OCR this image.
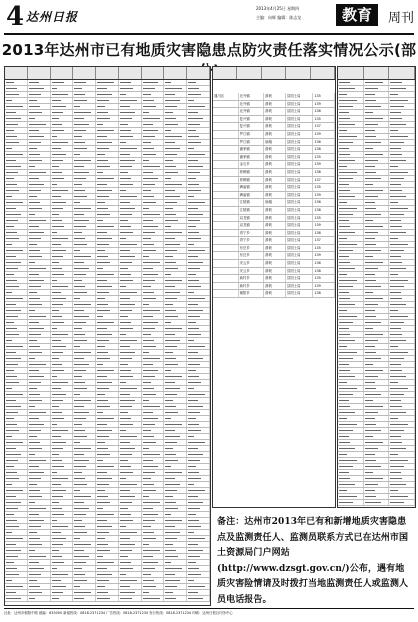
4 达州日报
2013年4月25日 星期四
主编：向辉 编辑：陈志龙	教育	周刊
2013年达州市已有地质灾害隐患点防灾责任落实情况公示(部
通川区	北外镇	滑坡	县国土局	135
北外镇	滑坡	县国土局	139
北外镇	滑坡	县国土局	138
复兴镇	滑坡	县国土局	135
复兴镇	滑坡	县国土局	137
罗江镇	滑坡	县国土局	139
罗江镇	崩塌	县国土局	136
蒲家镇	滑坡	县国土局	138
蒲家镇	滑坡	县国土局	135
金石乡	滑坡	县国土局	139
梓桐镇	滑坡	县国土局	138
梓桐镇	滑坡	县国土局	137
碑庙镇	滑坡	县国土局	135
碑庙镇	滑坡	县国土局	139
江陵镇	崩塌	县国土局	136
江陵镇	滑坡	县国土局	138
双龙镇	滑坡	县国土局	135
双龙镇	滑坡	县国土局	139
青宁乡	滑坡	县国土局	138
青宁乡	滑坡	县国土局	137
东岳乡	滑坡	县国土局	135
东岳乡	滑坡	县国土局	139
安云乡	滑坡	县国土局	136
安云乡	滑坡	县国土局	138
新村乡	滑坡	县国土局	135
新村乡	滑坡	县国土局	139
朝阳乡	滑坡	县国土局	138
备注：达州市2013年已有和新增地质灾害隐患点及监测责任人、监测员联系方式已在达州市国土资源局门户网站(http://www.dzsgt.gov.cn/)公布，遇有地质灾害险情请及时拨打当地监测责任人或监测人员电话报告。
社址：达州市朝阳中路 邮编：635000 新闻热线：0818-2371234 广告热线：0818-2371234 发行热线：0818-2371234 印刷：达州日报社印务中心
